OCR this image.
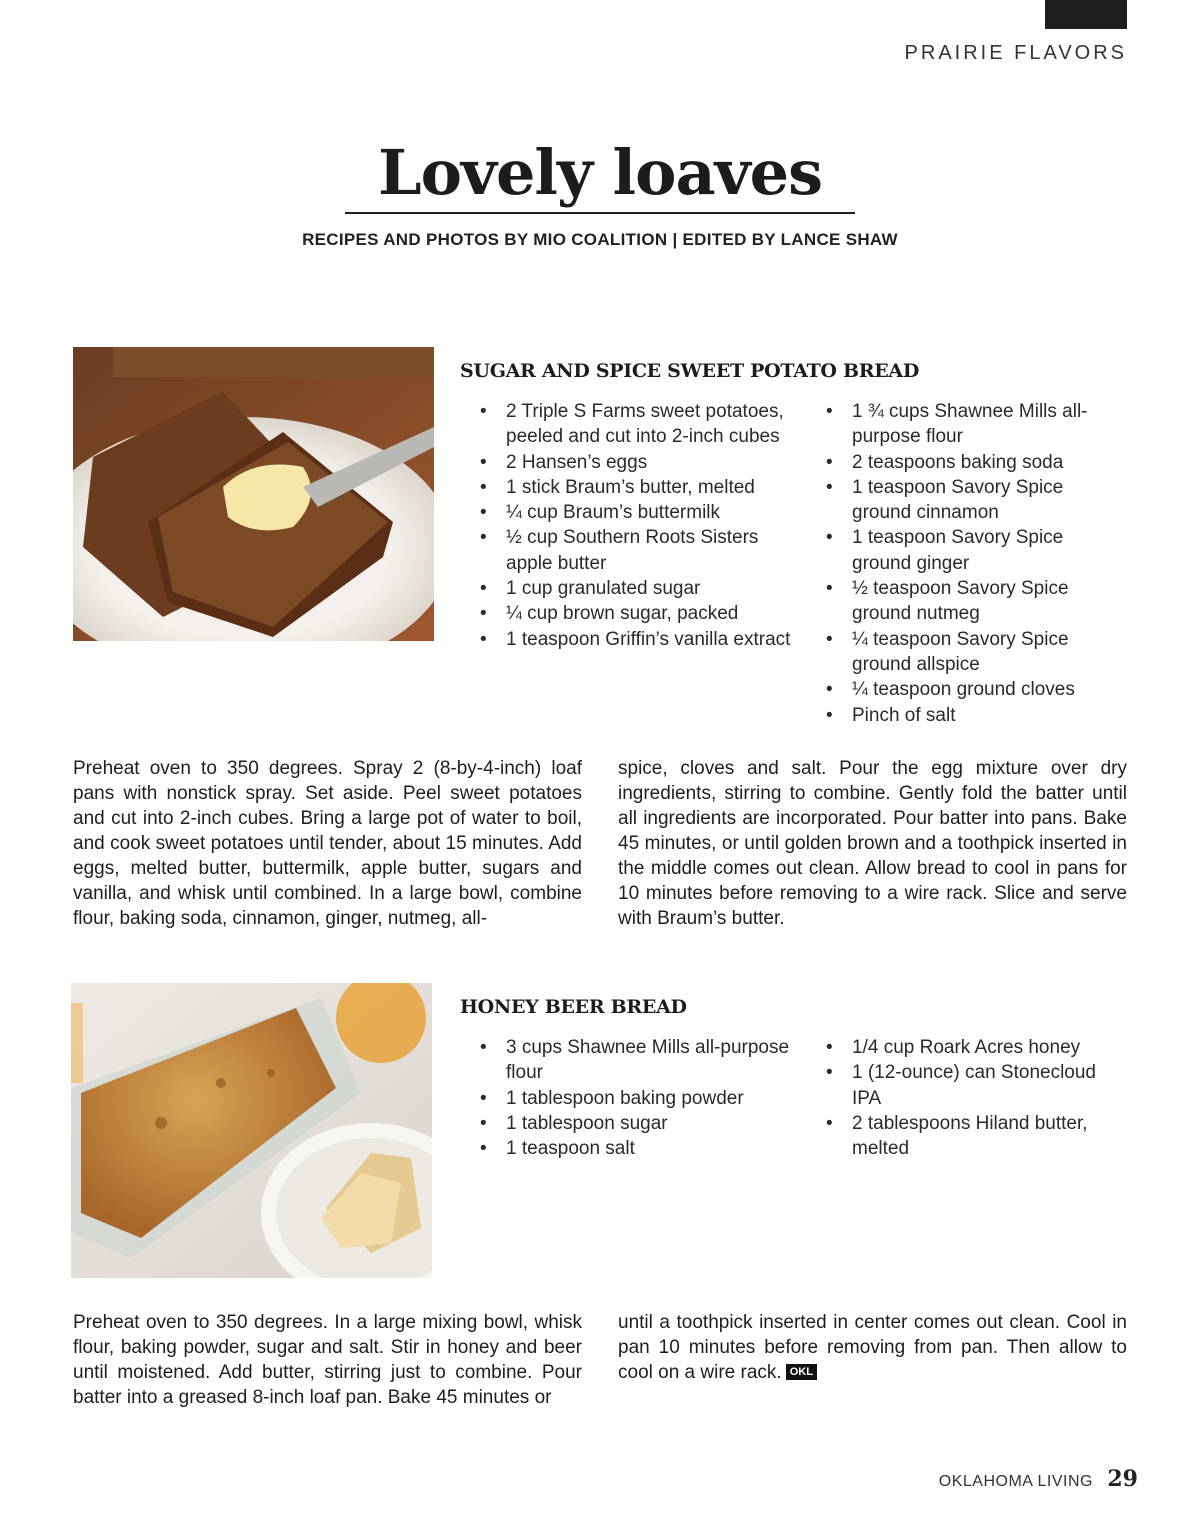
PRAIRIE FLAVORS
Lovely loaves
RECIPES AND PHOTOS BY MIO COALITION | EDITED BY LANCE SHAW
SUGAR AND SPICE SWEET POTATO BREAD
• 2 Triple S Farms sweet potatoes, peeled and cut into 2-inch cubes
• 2 Hansen’s eggs
• 1 stick Braum’s butter, melted
• ¼ cup Braum’s buttermilk
• ½ cup Southern Roots Sisters apple butter
• 1 cup granulated sugar
• ¼ cup brown sugar, packed
• 1 teaspoon Griffin’s vanilla extract
• 1 ¾ cups Shawnee Mills all-purpose flour
• 2 teaspoons baking soda
• 1 teaspoon Savory Spice ground cinnamon
• 1 teaspoon Savory Spice ground ginger
• ½ teaspoon Savory Spice ground nutmeg
• ¼ teaspoon Savory Spice ground allspice
• ¼ teaspoon ground cloves
• Pinch of salt

Preheat oven to 350 degrees. Spray 2 (8-by-4-inch) loaf pans with nonstick spray. Set aside. Peel sweet potatoes and cut into 2-inch cubes. Bring a large pot of water to boil, and cook sweet potatoes until tender, about 15 minutes. Add eggs, melted butter, buttermilk, apple butter, sugars and vanilla, and whisk until combined. In a large bowl, combine flour, baking soda, cinnamon, ginger, nutmeg, all-

spice, cloves and salt. Pour the egg mixture over dry ingredients, stirring to combine. Gently fold the batter until all ingredients are incorporated. Pour batter into pans. Bake 45 minutes, or until golden brown and a toothpick inserted in the middle comes out clean. Allow bread to cool in pans for 10 minutes before removing to a wire rack. Slice and serve with Braum’s butter.

HONEY BEER BREAD
• 3 cups Shawnee Mills all-purpose flour
• 1 tablespoon baking powder
• 1 tablespoon sugar
• 1 teaspoon salt
• 1/4 cup Roark Acres honey
• 1 (12-ounce) can Stonecloud IPA
• 2 tablespoons Hiland butter, melted

Preheat oven to 350 degrees. In a large mixing bowl, whisk flour, baking powder, sugar and salt. Stir in honey and beer until moistened. Add butter, stirring just to combine. Pour batter into a greased 8-inch loaf pan. Bake 45 minutes or

until a toothpick inserted in center comes out clean. Cool in pan 10 minutes before removing from pan. Then allow to cool on a wire rack. OKL

OKLAHOMA LIVING 29
